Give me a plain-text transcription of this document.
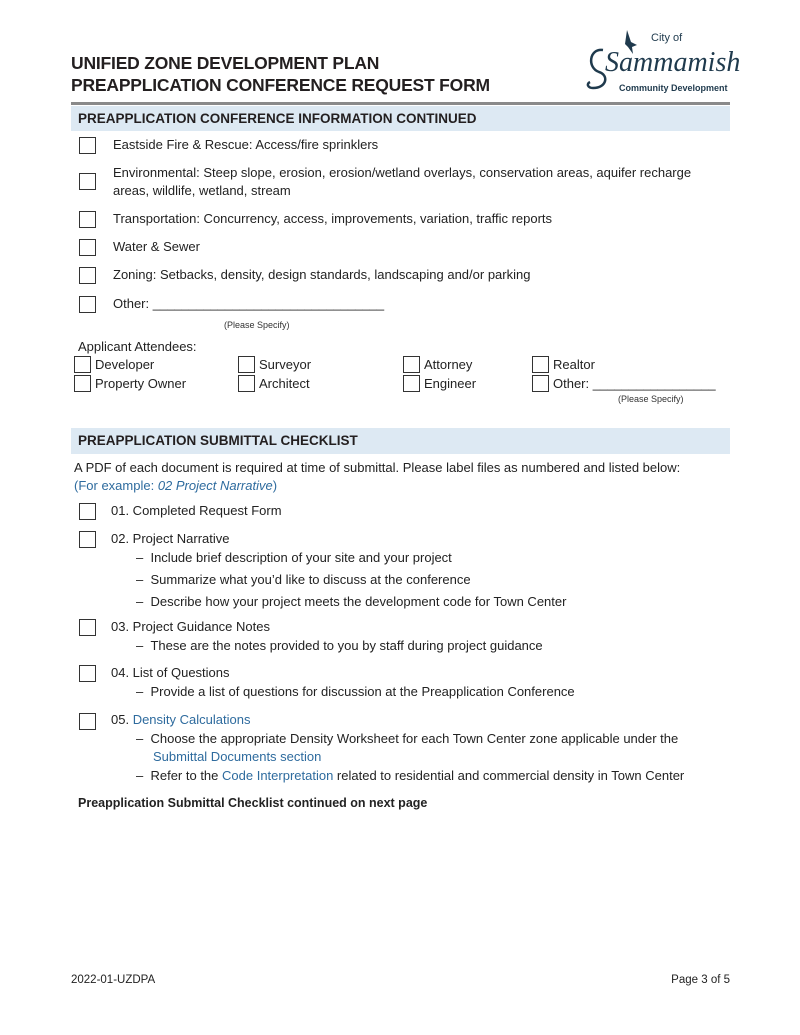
UNIFIED ZONE DEVELOPMENT PLAN
PREAPPLICATION CONFERENCE REQUEST FORM
City of
Sammamish
Community Development
PREAPPLICATION CONFERENCE INFORMATION CONTINUED
Eastside Fire & Rescue: Access/fire sprinklers
Environmental: Steep slope, erosion, erosion/wetland overlays, conservation areas, aquifer recharge
areas, wildlife, wetland, stream
Transportation: Concurrency, access, improvements, variation, traffic reports
Water & Sewer
Zoning: Setbacks, density, design standards, landscaping and/or parking
Other: ________________________________
(Please Specify)
Applicant Attendees:
Developer
Property Owner
Surveyor
Architect
Attorney
Engineer
Realtor
Other: _________________
(Please Specify)
PREAPPLICATION SUBMITTAL CHECKLIST
A PDF of each document is required at time of submittal. Please label files as numbered and listed below:
(For example: 02 Project Narrative)
01. Completed Request Form
02. Project Narrative
–  Include brief description of your site and your project
–  Summarize what you’d like to discuss at the conference
–  Describe how your project meets the development code for Town Center
03. Project Guidance Notes
–  These are the notes provided to you by staff during project guidance
04. List of Questions
–  Provide a list of questions for discussion at the Preapplication Conference
05. Density Calculations
–  Choose the appropriate Density Worksheet for each Town Center zone applicable under the
Submittal Documents section
–  Refer to the Code Interpretation related to residential and commercial density in Town Center
Preapplication Submittal Checklist continued on next page
2022-01-UZDPA	Page 3 of 5
